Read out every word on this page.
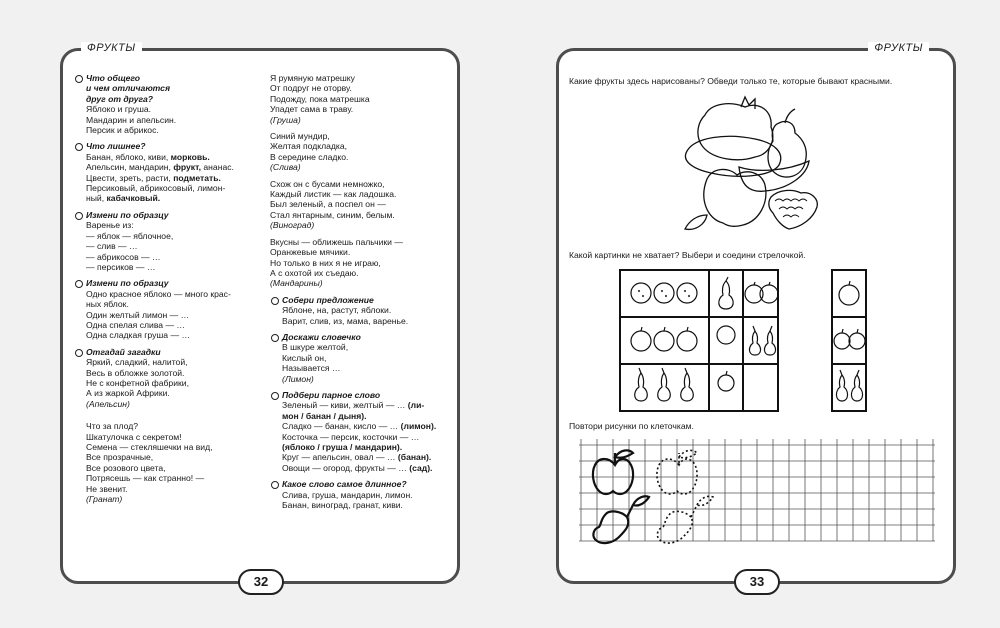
ФРУКТЫ
Что общего
и чем отличаются
друг от друга?
Яблоко и груша.
Мандарин и апельсин.
Персик и абрикос.
Что лишнее?
Банан, яблоко, киви, морковь.
Апельсин, мандарин, фрукт, ананас.
Цвести, зреть, расти, подметать.
Персиковый, абрикосовый, лимон-
ный, кабачковый.
Измени по образцу
Варенье из:
— яблок — яблочное,
— слив — …
— абрикосов — …
— персиков — …
Измени по образцу
Одно красное яблоко — много крас-
ных яблок.
Один желтый лимон — …
Одна спелая слива — …
Одна сладкая груша — …
Отгадай загадки
Яркий, сладкий, налитой,
Весь в обложке золотой.
Не с конфетной фабрики,
А из жаркой Африки.
(Апельсин)
Что за плод?
Шкатулочка с секретом!
Семена — стекляшечки на вид,
Все прозрачные,
Все розового цвета,
Потрясешь — как странно! —
Не звенит.
(Гранат)
Я румяную матрешку
От подруг не оторву.
Подожду, пока матрешка
Упадет сама в траву.
(Груша)
Синий мундир,
Желтая подкладка,
В середине сладко.
(Слива)
Схож он с бусами немножко,
Каждый листик — как ладошка.
Был зеленый, а поспел он —
Стал янтарным, синим, белым.
(Виноград)
Вкусны — оближешь пальчики —
Оранжевые мячики.
Но только в них я не играю,
А с охотой их съедаю.
(Мандарины)
Собери предложение
Яблоне, на, растут, яблоки.
Варит, слив, из, мама, варенье.
Доскажи словечко
В шкуре желтой,
Кислый он,
Называется …
(Лимон)
Подбери парное слово
Зеленый — киви, желтый — … (ли-
мон / банан / дыня).
Сладко — банан, кисло — … (лимон).
Косточка — персик, косточки — …
(яблоко / груша / мандарин).
Круг — апельсин, овал — … (банан).
Овощи — огород, фрукты — … (сад).
Какое слово самое длинное?
Слива, груша, мандарин, лимон.
Банан, виноград, гранат, киви.
32
ФРУКТЫ
Какие фрукты здесь нарисованы? Обведи только те, которые бывают красными.
Какой картинки не хватает? Выбери и соедини стрелочкой.
Повтори рисунки по клеточкам.
33
